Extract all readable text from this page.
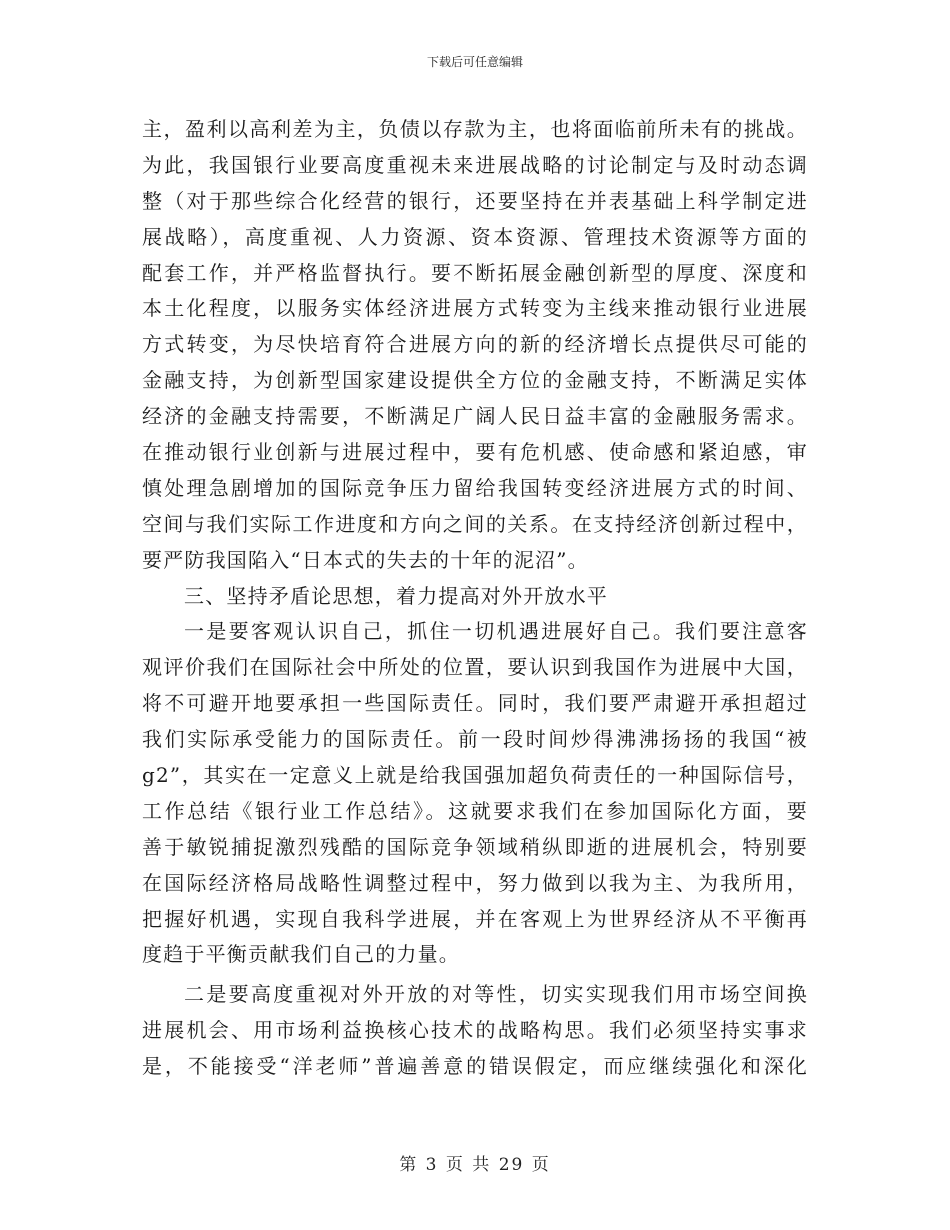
下载后可任意编辑
主，盈利以高利差为主，负债以存款为主，也将面临前所未有的挑战。
为此，我国银行业要高度重视未来进展战略的讨论制定与及时动态调
整（对于那些综合化经营的银行，还要坚持在并表基础上科学制定进
展战略），高度重视、人力资源、资本资源、管理技术资源等方面的
配套工作，并严格监督执行。要不断拓展金融创新型的厚度、深度和
本土化程度，以服务实体经济进展方式转变为主线来推动银行业进展
方式转变，为尽快培育符合进展方向的新的经济增长点提供尽可能的
金融支持，为创新型国家建设提供全方位的金融支持，不断满足实体
经济的金融支持需要，不断满足广阔人民日益丰富的金融服务需求。
在推动银行业创新与进展过程中，要有危机感、使命感和紧迫感，审
慎处理急剧增加的国际竞争压力留给我国转变经济进展方式的时间、
空间与我们实际工作进度和方向之间的关系。在支持经济创新过程中，
要严防我国陷入“日本式的失去的十年的泥沼”。
三、坚持矛盾论思想，着力提高对外开放水平
一是要客观认识自己，抓住一切机遇进展好自己。我们要注意客
观评价我们在国际社会中所处的位置，要认识到我国作为进展中大国，
将不可避开地要承担一些国际责任。同时，我们要严肃避开承担超过
我们实际承受能力的国际责任。前一段时间炒得沸沸扬扬的我国“被
g2”，其实在一定意义上就是给我国强加超负荷责任的一种国际信号，
工作总结《银行业工作总结》。这就要求我们在参加国际化方面，要
善于敏锐捕捉激烈残酷的国际竞争领域稍纵即逝的进展机会，特别要
在国际经济格局战略性调整过程中，努力做到以我为主、为我所用，
把握好机遇，实现自我科学进展，并在客观上为世界经济从不平衡再
度趋于平衡贡献我们自己的力量。
二是要高度重视对外开放的对等性，切实实现我们用市场空间换
进展机会、用市场利益换核心技术的战略构思。我们必须坚持实事求
是，不能接受“洋老师”普遍善意的错误假定，而应继续强化和深化
第 3 页 共 29 页
